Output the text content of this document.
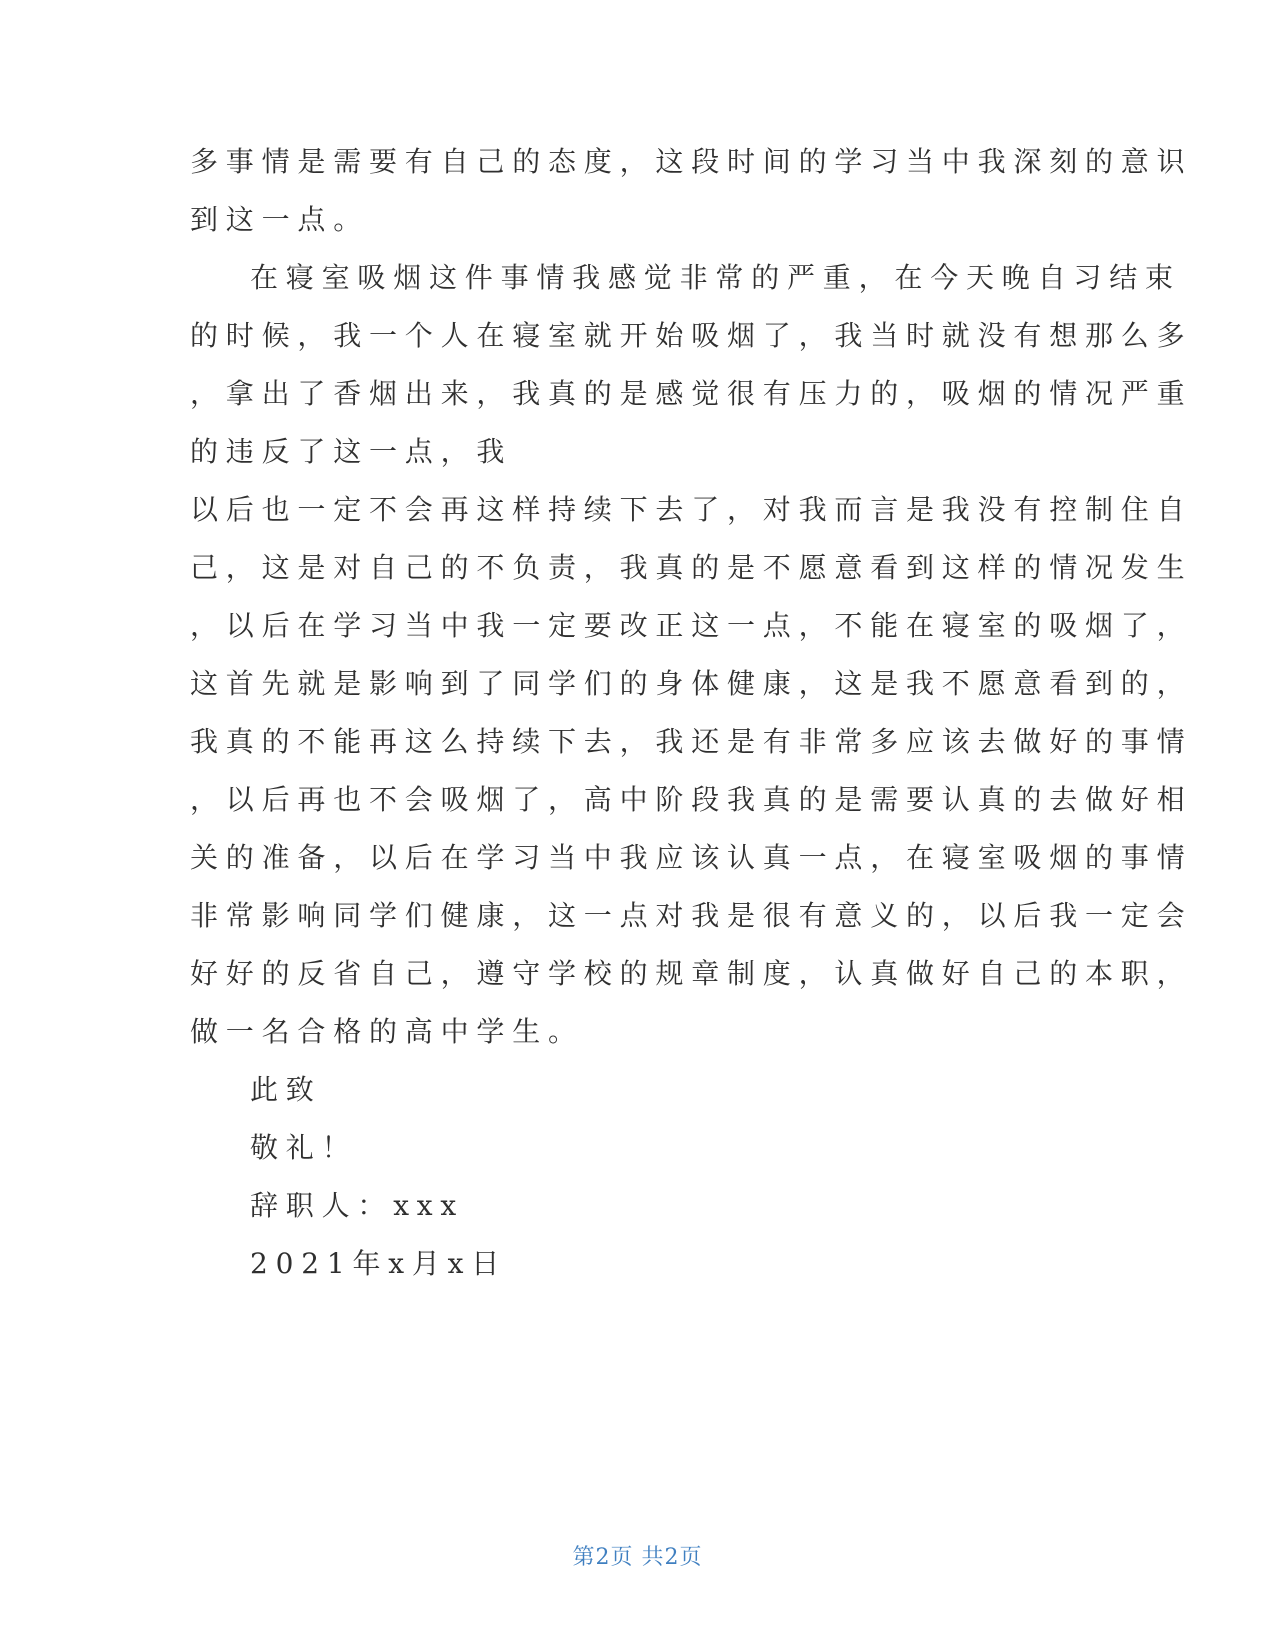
多事情是需要有自己的态度，这段时间的学习当中我深刻的意识
到这一点。
在寝室吸烟这件事情我感觉非常的严重，在今天晚自习结束
的时候，我一个人在寝室就开始吸烟了，我当时就没有想那么多
，拿出了香烟出来，我真的是感觉很有压力的，吸烟的情况严重
的违反了这一点，我
以后也一定不会再这样持续下去了，对我而言是我没有控制住自
己，这是对自己的不负责，我真的是不愿意看到这样的情况发生
，以后在学习当中我一定要改正这一点，不能在寝室的吸烟了，
这首先就是影响到了同学们的身体健康，这是我不愿意看到的，
我真的不能再这么持续下去，我还是有非常多应该去做好的事情
，以后再也不会吸烟了，高中阶段我真的是需要认真的去做好相
关的准备，以后在学习当中我应该认真一点，在寝室吸烟的事情
非常影响同学们健康，这一点对我是很有意义的，以后我一定会
好好的反省自己，遵守学校的规章制度，认真做好自己的本职，
做一名合格的高中学生。
此致
敬礼！
辞职人：xxx
2021年x月x日
第2页 共2页
